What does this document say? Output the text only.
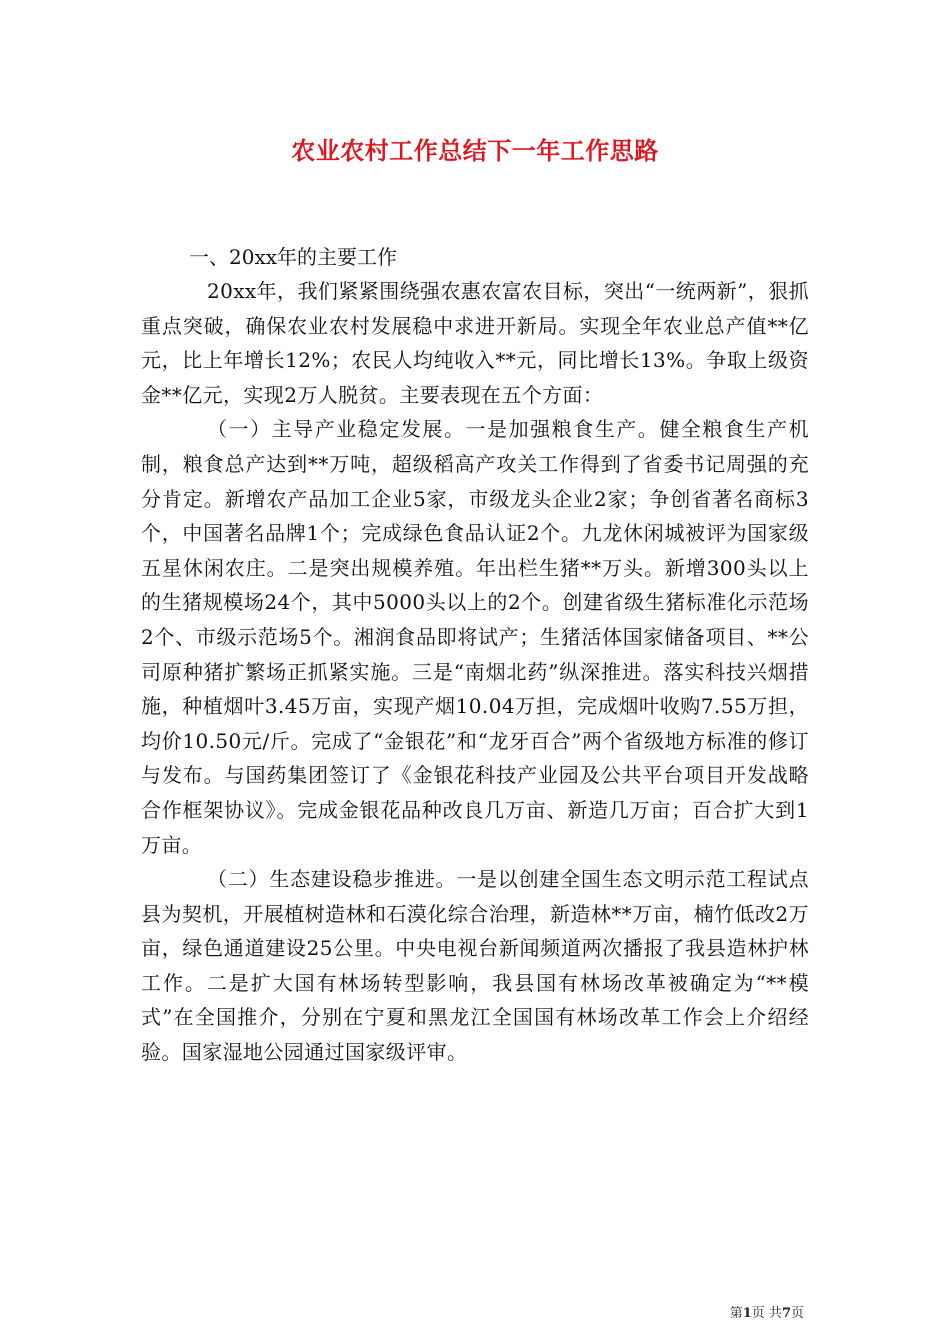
农业农村工作总结下一年工作思路

一、20xx年的主要工作

20xx年，我们紧紧围绕强农惠农富农目标，突出“一统两新”，狠抓重点突破，确保农业农村发展稳中求进开新局。实现全年农业总产值**亿元，比上年增长12%；农民人均纯收入**元，同比增长13%。争取上级资金**亿元，实现2万人脱贫。主要表现在五个方面：

（一）主导产业稳定发展。一是加强粮食生产。健全粮食生产机制，粮食总产达到**万吨，超级稻高产攻关工作得到了省委书记周强的充分肯定。新增农产品加工企业5家，市级龙头企业2家；争创省著名商标3个，中国著名品牌1个；完成绿色食品认证2个。九龙休闲城被评为国家级五星休闲农庄。二是突出规模养殖。年出栏生猪**万头。新增300头以上的生猪规模场24个，其中5000头以上的2个。创建省级生猪标准化示范场2个、市级示范场5个。湘润食品即将试产；生猪活体国家储备项目、**公司原种猪扩繁场正抓紧实施。三是“南烟北药”纵深推进。落实科技兴烟措施，种植烟叶3.45万亩，实现产烟10.04万担，完成烟叶收购7.55万担，均价10.50元/斤。完成了“金银花”和“龙牙百合”两个省级地方标准的修订与发布。与国药集团签订了《金银花科技产业园及公共平台项目开发战略合作框架协议》。完成金银花品种改良几万亩、新造几万亩；百合扩大到1万亩。

（二）生态建设稳步推进。一是以创建全国生态文明示范工程试点县为契机，开展植树造林和石漠化综合治理，新造林**万亩，楠竹低改2万亩，绿色通道建设25公里。中央电视台新闻频道两次播报了我县造林护林工作。二是扩大国有林场转型影响，我县国有林场改革被确定为“**模式”在全国推介，分别在宁夏和黑龙江全国国有林场改革工作会上介绍经验。国家湿地公园通过国家级评审。

第1页 共7页
